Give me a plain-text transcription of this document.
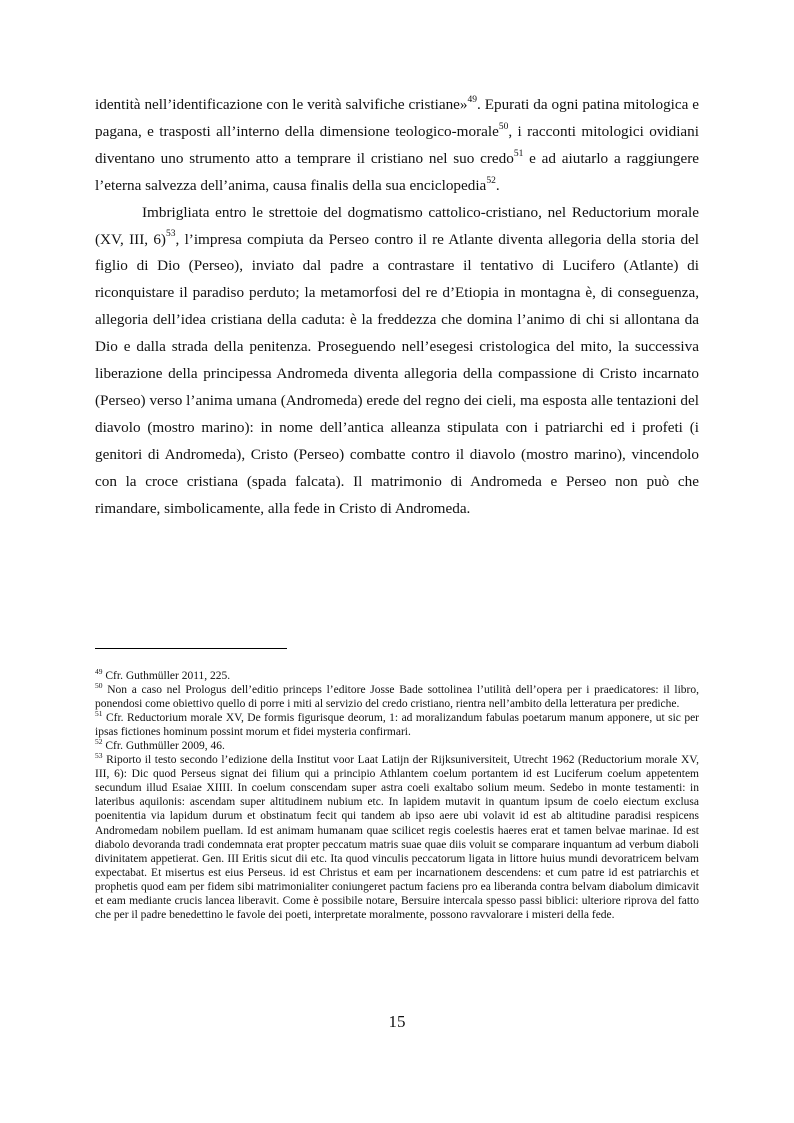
identità nell’identificazione con le verità salvifiche cristiane»$^{49}$. Epurati da ogni patina mitologica e pagana, e trasposti all’interno della dimensione teologico-morale$^{50}$, i racconti mitologici ovidiani diventano uno strumento atto a temprare il cristiano nel suo credo$^{51}$ e ad aiutarlo a raggiungere l’eterna salvezza dell’anima, causa finalis della sua enciclopedia$^{52}$.

Imbrigliata entro le strettoie del dogmatismo cattolico-cristiano, nel Reductorium morale (XV, III, 6)$^{53}$, l’impresa compiuta da Perseo contro il re Atlante diventa allegoria della storia del figlio di Dio (Perseo), inviato dal padre a contrastare il tentativo di Lucifero (Atlante) di riconquistare il paradiso perduto; la metamorfosi del re d’Etiopia in montagna è, di conseguenza, allegoria dell’idea cristiana della caduta: è la freddezza che domina l’animo di chi si allontana da Dio e dalla strada della penitenza. Proseguendo nell’esegesi cristologica del mito, la successiva liberazione della principessa Andromeda diventa allegoria della compassione di Cristo incarnato (Perseo) verso l’anima umana (Andromeda) erede del regno dei cieli, ma esposta alle tentazioni del diavolo (mostro marino): in nome dell’antica alleanza stipulata con i patriarchi ed i profeti (i genitori di Andromeda), Cristo (Perseo) combatte contro il diavolo (mostro marino), vincendolo con la croce cristiana (spada falcata). Il matrimonio di Andromeda e Perseo non può che rimandare, simbolicamente, alla fede in Cristo di Andromeda.

$^{49}$ Cfr. Guthmüller 2011, 225.

$^{50}$ Non a caso nel Prologus dell’editio princeps l’editore Josse Bade sottolinea l’utilità dell’opera per i praedicatores: il libro, ponendosi come obiettivo quello di porre i miti al servizio del credo cristiano, rientra nell’ambito della letteratura per prediche.

$^{51}$ Cfr. Reductorium morale XV, De formis figurisque deorum, 1: ad moralizandum fabulas poetarum manum apponere, ut sic per ipsas fictiones hominum possint morum et fidei mysteria confirmari.

$^{52}$ Cfr. Guthmüller 2009, 46.

$^{53}$ Riporto il testo secondo l’edizione della Institut voor Laat Latijn der Rijksuniversiteit, Utrecht 1962 (Reductorium morale XV, III, 6): Dic quod Perseus signat dei filium qui a principio Athlantem coelum portantem id est Luciferum coelum appetentem secundum illud Esaiae XIIII. In coelum conscendam super astra coeli exaltabo solium meum. Sedebo in monte testamenti: in lateribus aquilonis: ascendam super altitudinem nubium etc. In lapidem mutavit in quantum ipsum de coelo eiectum exclusa poenitentia via lapidum durum et obstinatum fecit qui tandem ab ipso aere ubi volavit id est ab altitudine paradisi respicens Andromedam nobilem puellam. Id est animam humanam quae scilicet regis coelestis haeres erat et tamen belvae marinae. Id est diabolo devoranda tradi condemnata erat propter peccatum matris suae quae diis voluit se comparare inquantum ad verbum diaboli divinitatem appetierat. Gen. III Eritis sicut dii etc. Ita quod vinculis peccatorum ligata in littore huius mundi devoratricem belvam expectabat. Et misertus est eius Perseus. id est Christus et eam per incarnationem descendens: et cum patre id est patriarchis et prophetis quod eam per fidem sibi matrimonialiter coniungeret pactum faciens pro ea liberanda contra belvam diabolum dimicavit et eam mediante crucis lancea liberavit. Come è possibile notare, Bersuire intercala spesso passi biblici: ulteriore riprova del fatto che per il padre benedettino le favole dei poeti, interpretate moralmente, possono ravvalorare i misteri della fede.

15
